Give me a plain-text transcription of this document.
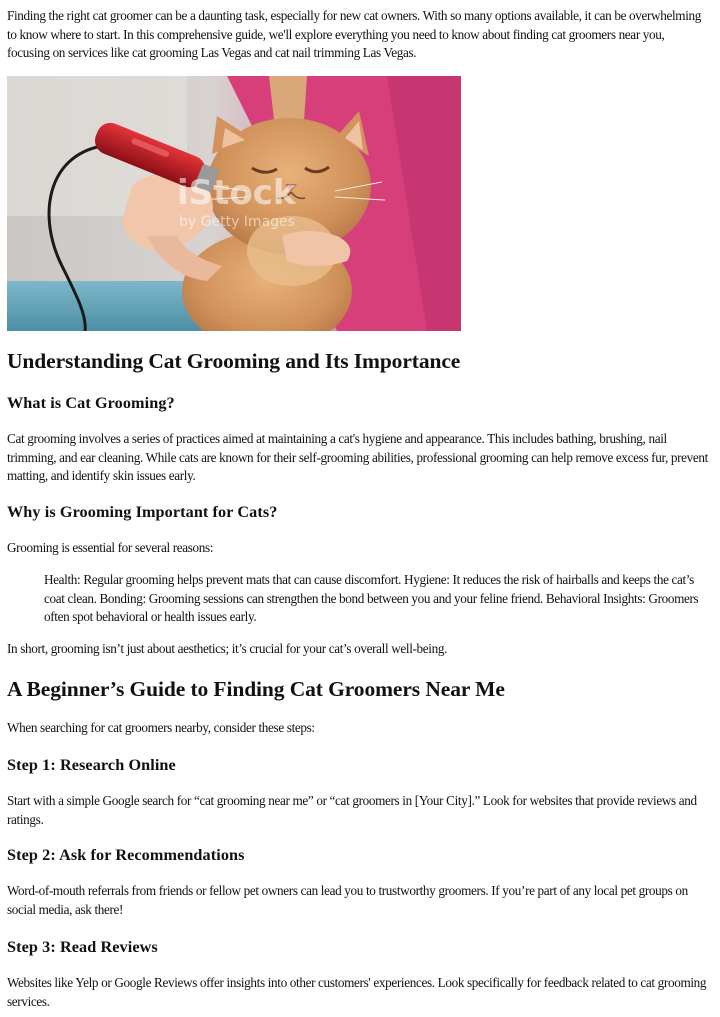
Finding the right cat groomer can be a daunting task, especially for new cat owners. With so many options available, it can be overwhelming to know where to start. In this comprehensive guide, we'll explore everything you need to know about finding cat groomers near you, focusing on services like cat grooming Las Vegas and cat nail trimming Las Vegas.

iStock
by Getty Images
Understanding Cat Grooming and Its Importance
What is Cat Grooming?

Cat grooming involves a series of practices aimed at maintaining a cat's hygiene and appearance. This includes bathing, brushing, nail trimming, and ear cleaning. While cats are known for their self-grooming abilities, professional grooming can help remove excess fur, prevent matting, and identify skin issues early.

Why is Grooming Important for Cats?

Grooming is essential for several reasons:

Health: Regular grooming helps prevent mats that can cause discomfort. Hygiene: It reduces the risk of hairballs and keeps the cat’s coat clean. Bonding: Grooming sessions can strengthen the bond between you and your feline friend. Behavioral Insights: Groomers often spot behavioral or health issues early.

In short, grooming isn’t just about aesthetics; it’s crucial for your cat’s overall well-being.

A Beginner’s Guide to Finding Cat Groomers Near Me

When searching for cat groomers nearby, consider these steps:

Step 1: Research Online

Start with a simple Google search for “cat grooming near me” or “cat groomers in [Your City].” Look for websites that provide reviews and ratings.

Step 2: Ask for Recommendations

Word-of-mouth referrals from friends or fellow pet owners can lead you to trustworthy groomers. If you’re part of any local pet groups on social media, ask there!

Step 3: Read Reviews

Websites like Yelp or Google Reviews offer insights into other customers' experiences. Look specifically for feedback related to cat grooming services.
